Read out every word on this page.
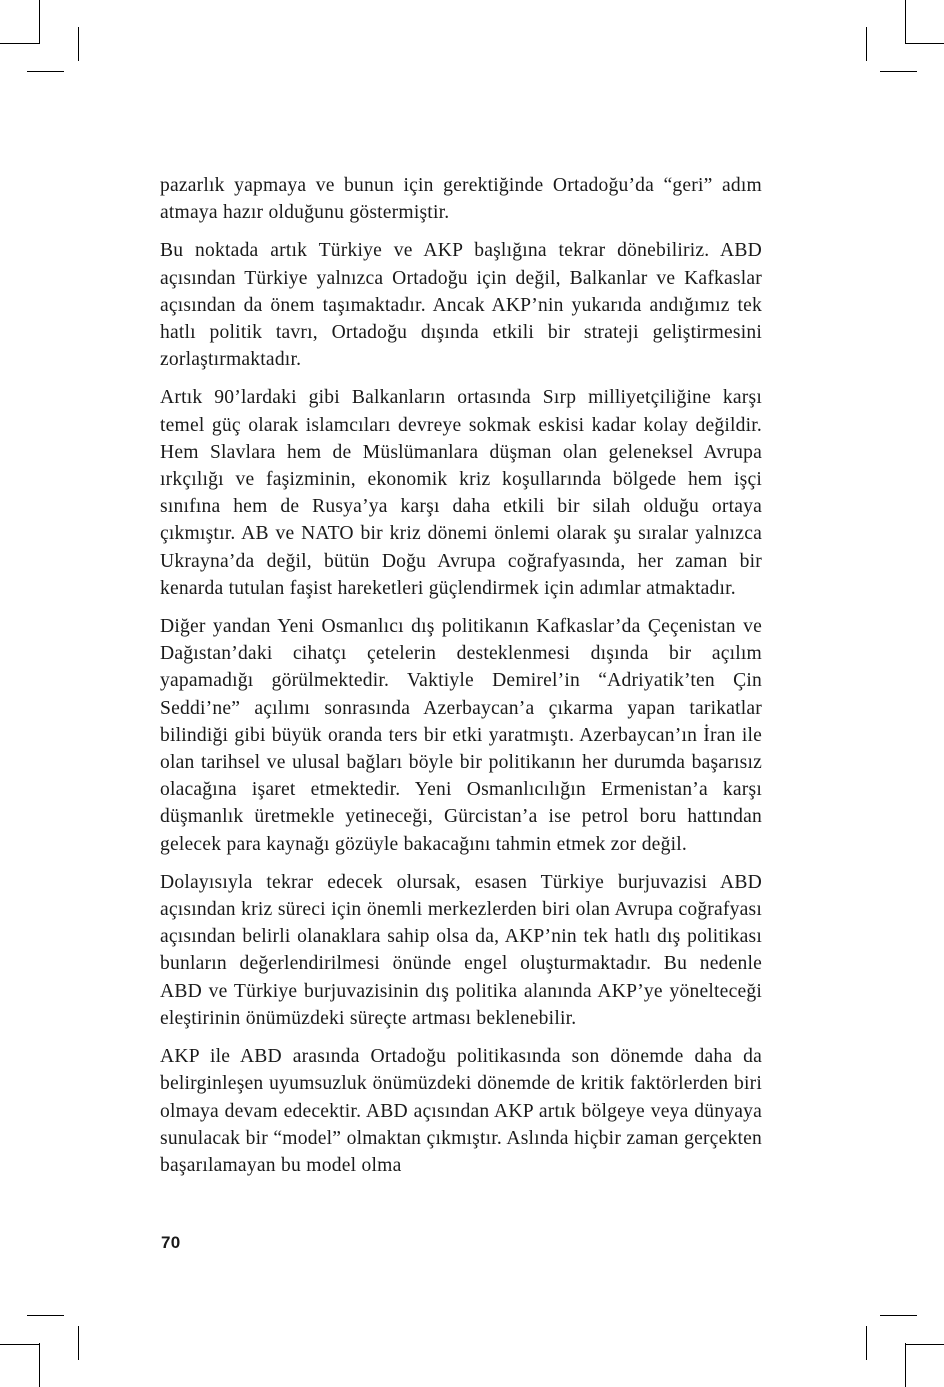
pazarlık yapmaya ve bunun için gerektiğinde Ortadoğu’da “geri” adım atmaya hazır olduğunu göstermiştir.

Bu noktada artık Türkiye ve AKP başlığına tekrar dönebiliriz. ABD açısından Türkiye yalnızca Ortadoğu için değil, Balkanlar ve Kafkaslar açısından da önem taşımaktadır. Ancak AKP’nin yukarıda andığımız tek hatlı politik tavrı, Ortadoğu dışında etkili bir strateji geliştirmesini zorlaştırmaktadır.

Artık 90’lardaki gibi Balkanların ortasında Sırp milliyetçiliğine karşı temel güç olarak islamcıları devreye sokmak eskisi kadar kolay değildir. Hem Slavlara hem de Müslümanlara düşman olan geleneksel Avrupa ırkçılığı ve faşizminin, ekonomik kriz koşullarında bölgede hem işçi sınıfına hem de Rusya’ya karşı daha etkili bir silah olduğu ortaya çıkmıştır. AB ve NATO bir kriz dönemi önlemi olarak şu sıralar yalnızca Ukrayna’da değil, bütün Doğu Avrupa coğrafyasında, her zaman bir kenarda tutulan faşist hareketleri güçlendirmek için adımlar atmaktadır.

Diğer yandan Yeni Osmanlıcı dış politikanın Kafkaslar’da Çeçenistan ve Dağıstan’daki cihatçı çetelerin desteklenmesi dışında bir açılım yapamadığı görülmektedir. Vaktiyle Demirel’in “Adriyatik’ten Çin Seddi’ne” açılımı sonrasında Azerbaycan’a çıkarma yapan tarikatlar bilindiği gibi büyük oranda ters bir etki yaratmıştı. Azerbaycan’ın İran ile olan tarihsel ve ulusal bağları böyle bir politikanın her durumda başarısız olacağına işaret etmektedir. Yeni Osmanlıcılığın Ermenistan’a karşı düşmanlık üretmekle yetineceği, Gürcistan’a ise petrol boru hattından gelecek para kaynağı gözüyle bakacağını tahmin etmek zor değil.

Dolayısıyla tekrar edecek olursak, esasen Türkiye burjuvazisi ABD açısından kriz süreci için önemli merkezlerden biri olan Avrupa coğrafyası açısından belirli olanaklara sahip olsa da, AKP’nin tek hatlı dış politikası bunların değerlendirilmesi önünde engel oluşturmaktadır. Bu nedenle ABD ve Türkiye burjuvazisinin dış politika alanında AKP’ye yönelteceği eleştirinin önümüzdeki süreçte artması beklenebilir.

AKP ile ABD arasında Ortadoğu politikasında son dönemde daha da belirginleşen uyumsuzluk önümüzdeki dönemde de kritik faktörlerden biri olmaya devam edecektir. ABD açısından AKP artık bölgeye veya dünyaya sunulacak bir “model” olmaktan çıkmıştır. Aslında hiçbir zaman gerçekten başarılamayan bu model olma

70
